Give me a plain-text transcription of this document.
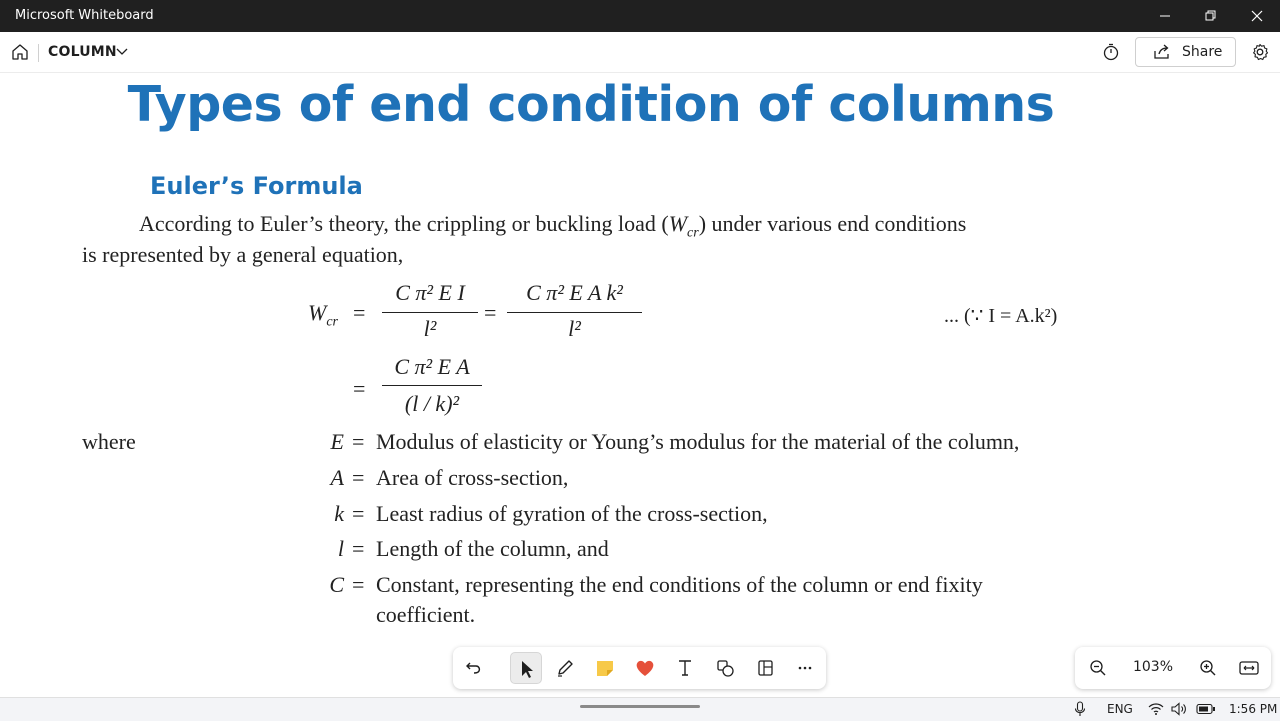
Microsoft Whiteboard
COLUMN	Share
Types of end condition of columns
Euler’s Formula
According to Euler’s theory, the crippling or buckling load $(W_{cr})$ under various end conditions
is represented by a general equation,
$W_{cr}$ =
C π² E I
l²
=
C π² E A k²
l²	... (∵ I = A.k²)
=
C π² E A
(l / k)²
where	E = Modulus of elasticity or Young’s modulus for the material of the column,
A = Area of cross-section,
k = Least radius of gyration of the cross-section,
l = Length of the column, and
C = Constant, representing the end conditions of the column or end fixity
coefficient.
103%
ENG	1:56 PM
